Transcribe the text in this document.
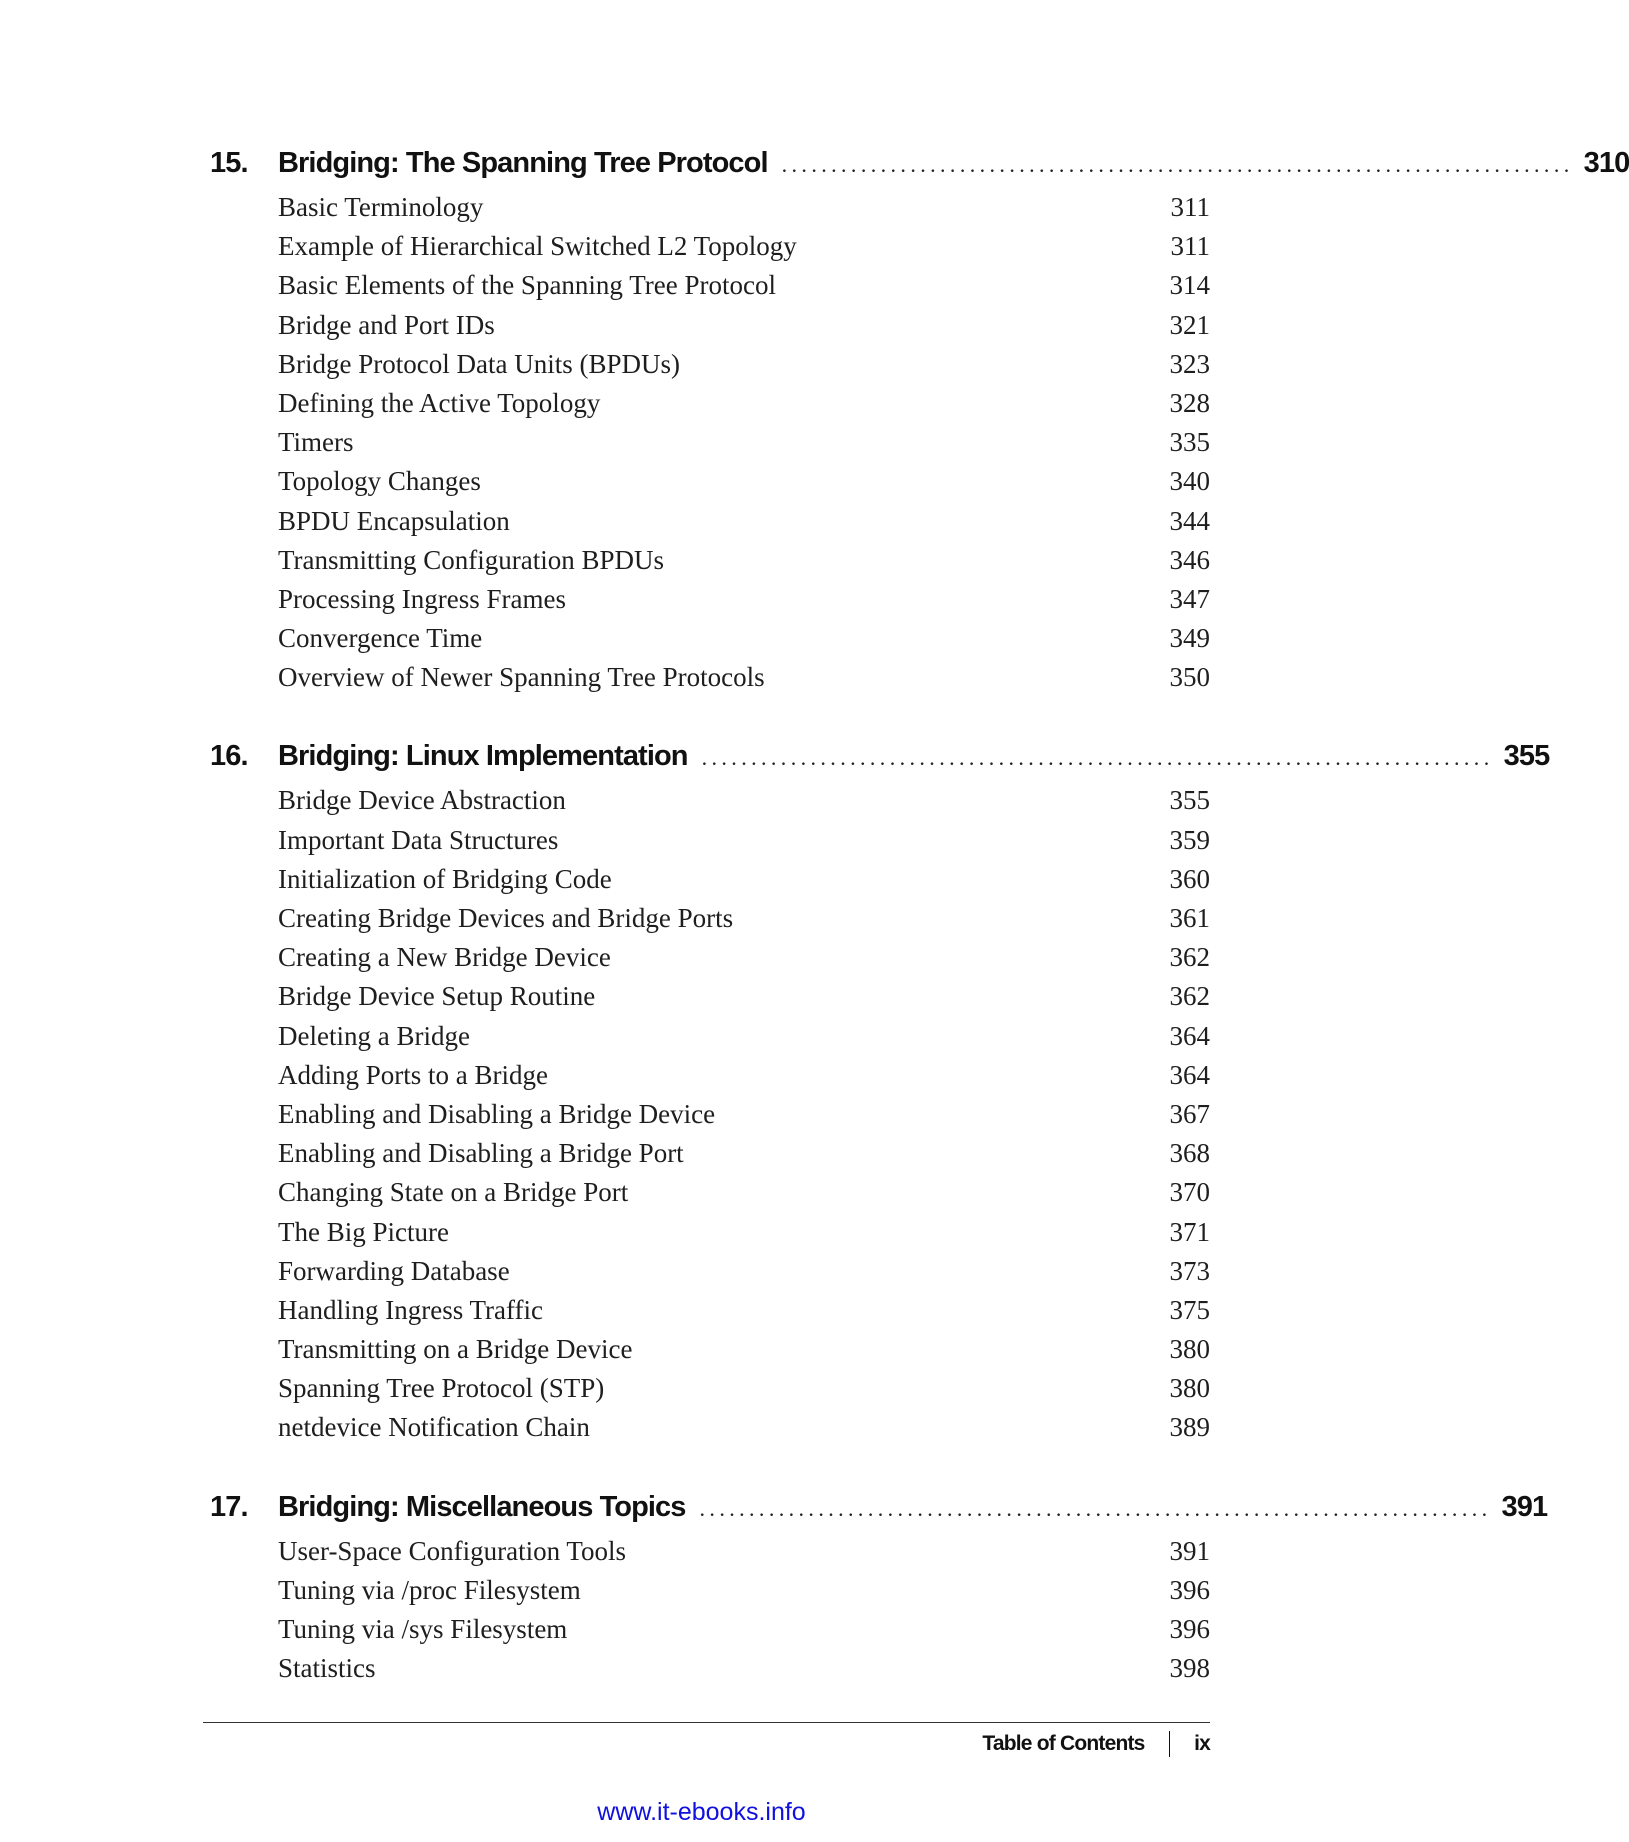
15.	Bridging: The Spanning Tree Protocol ................................................................................ 310
Basic Terminology	311
Example of Hierarchical Switched L2 Topology	311
Basic Elements of the Spanning Tree Protocol	314
Bridge and Port IDs	321
Bridge Protocol Data Units (BPDUs)	323
Defining the Active Topology	328
Timers	335
Topology Changes	340
BPDU Encapsulation	344
Transmitting Configuration BPDUs	346
Processing Ingress Frames	347
Convergence Time	349
Overview of Newer Spanning Tree Protocols	350
16.	Bridging: Linux Implementation ................................................................................ 355
Bridge Device Abstraction	355
Important Data Structures	359
Initialization of Bridging Code	360
Creating Bridge Devices and Bridge Ports	361
Creating a New Bridge Device	362
Bridge Device Setup Routine	362
Deleting a Bridge	364
Adding Ports to a Bridge	364
Enabling and Disabling a Bridge Device	367
Enabling and Disabling a Bridge Port	368
Changing State on a Bridge Port	370
The Big Picture	371
Forwarding Database	373
Handling Ingress Traffic	375
Transmitting on a Bridge Device	380
Spanning Tree Protocol (STP)	380
netdevice Notification Chain	389
17.	Bridging: Miscellaneous Topics ................................................................................ 391
User-Space Configuration Tools	391
Tuning via /proc Filesystem	396
Tuning via /sys Filesystem	396
Statistics	398
Table of Contents ix
www.it-ebooks.info
